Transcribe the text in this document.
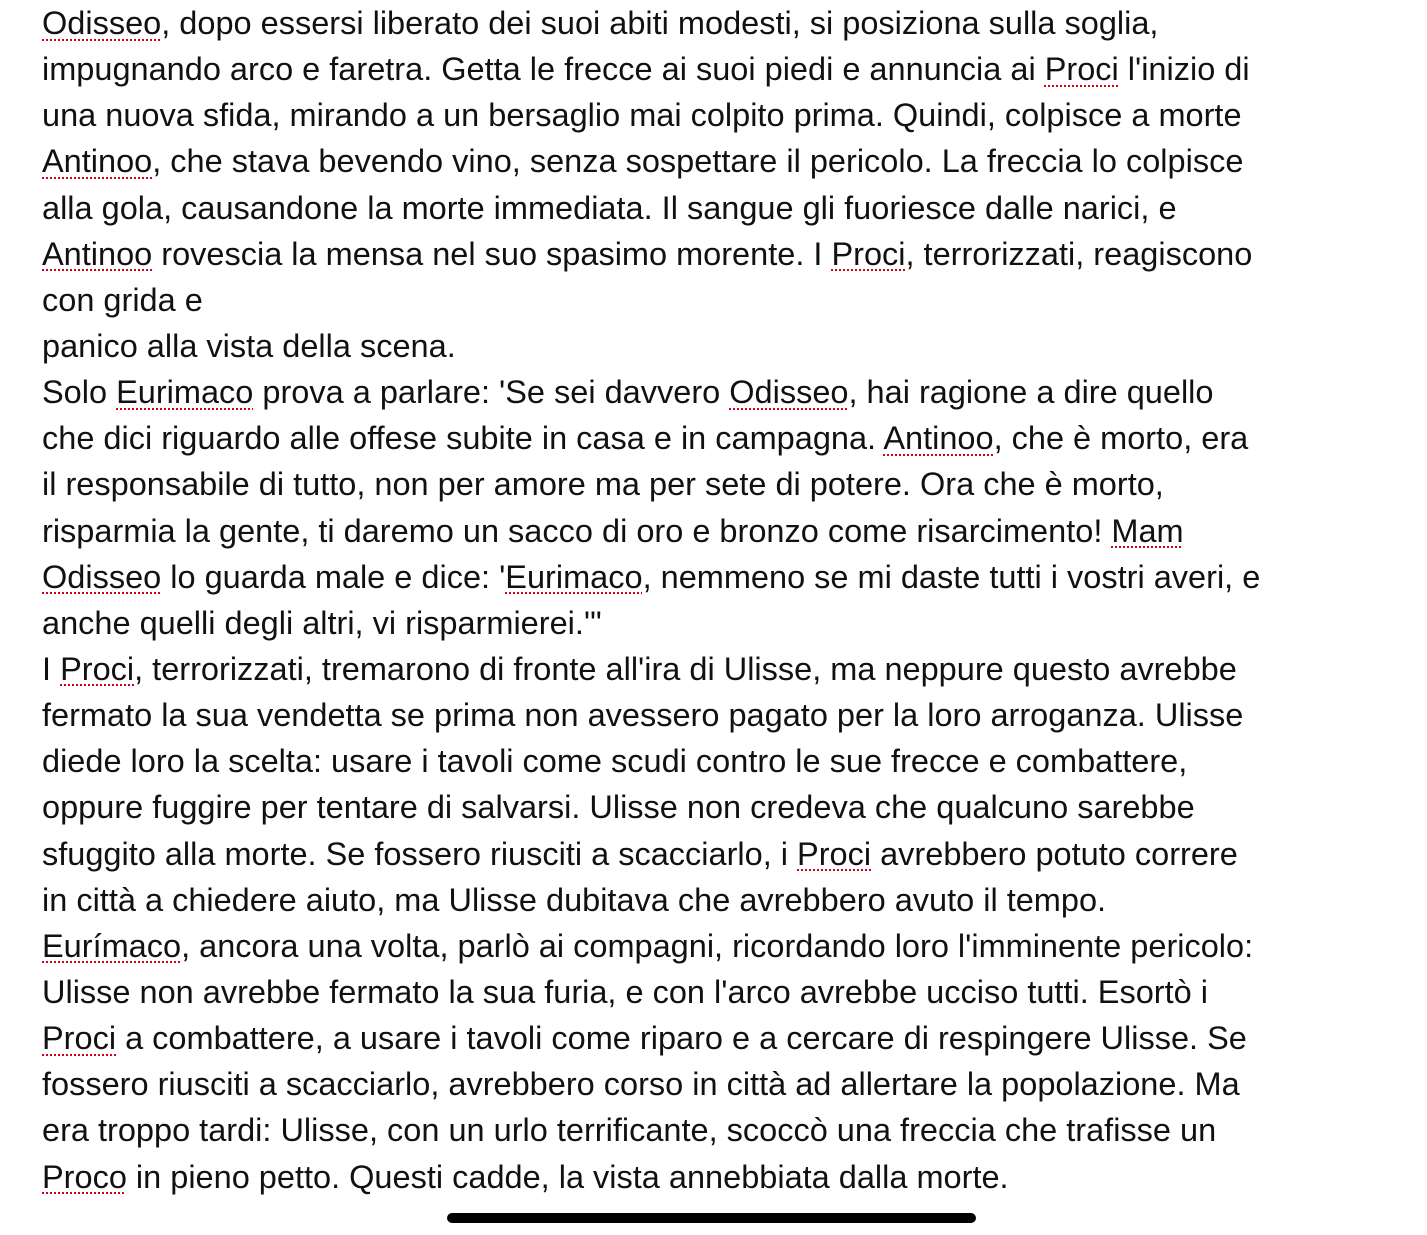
Odisseo, dopo essersi liberato dei suoi abiti modesti, si posiziona sulla soglia,
impugnando arco e faretra. Getta le frecce ai suoi piedi e annuncia ai Proci l'inizio di
una nuova sfida, mirando a un bersaglio mai colpito prima. Quindi, colpisce a morte
Antinoo, che stava bevendo vino, senza sospettare il pericolo. La freccia lo colpisce
alla gola, causandone la morte immediata. Il sangue gli fuoriesce dalle narici, e
Antinoo rovescia la mensa nel suo spasimo morente. I Proci, terrorizzati, reagiscono
con grida e
panico alla vista della scena.
Solo Eurimaco prova a parlare: 'Se sei davvero Odisseo, hai ragione a dire quello
che dici riguardo alle offese subite in casa e in campagna. Antinoo, che è morto, era
il responsabile di tutto, non per amore ma per sete di potere. Ora che è morto,
risparmia la gente, ti daremo un sacco di oro e bronzo come risarcimento! Mam
Odisseo lo guarda male e dice: 'Eurimaco, nemmeno se mi daste tutti i vostri averi, e
anche quelli degli altri, vi risparmierei.'"
I Proci, terrorizzati, tremarono di fronte all'ira di Ulisse, ma neppure questo avrebbe
fermato la sua vendetta se prima non avessero pagato per la loro arroganza. Ulisse
diede loro la scelta: usare i tavoli come scudi contro le sue frecce e combattere,
oppure fuggire per tentare di salvarsi. Ulisse non credeva che qualcuno sarebbe
sfuggito alla morte. Se fossero riusciti a scacciarlo, i Proci avrebbero potuto correre
in città a chiedere aiuto, ma Ulisse dubitava che avrebbero avuto il tempo.
Eurímaco, ancora una volta, parlò ai compagni, ricordando loro l'imminente pericolo:
Ulisse non avrebbe fermato la sua furia, e con l'arco avrebbe ucciso tutti. Esortò i
Proci a combattere, a usare i tavoli come riparo e a cercare di respingere Ulisse. Se
fossero riusciti a scacciarlo, avrebbero corso in città ad allertare la popolazione. Ma
era troppo tardi: Ulisse, con un urlo terrificante, scoccò una freccia che trafisse un
Proco in pieno petto. Questi cadde, la vista annebbiata dalla morte.
